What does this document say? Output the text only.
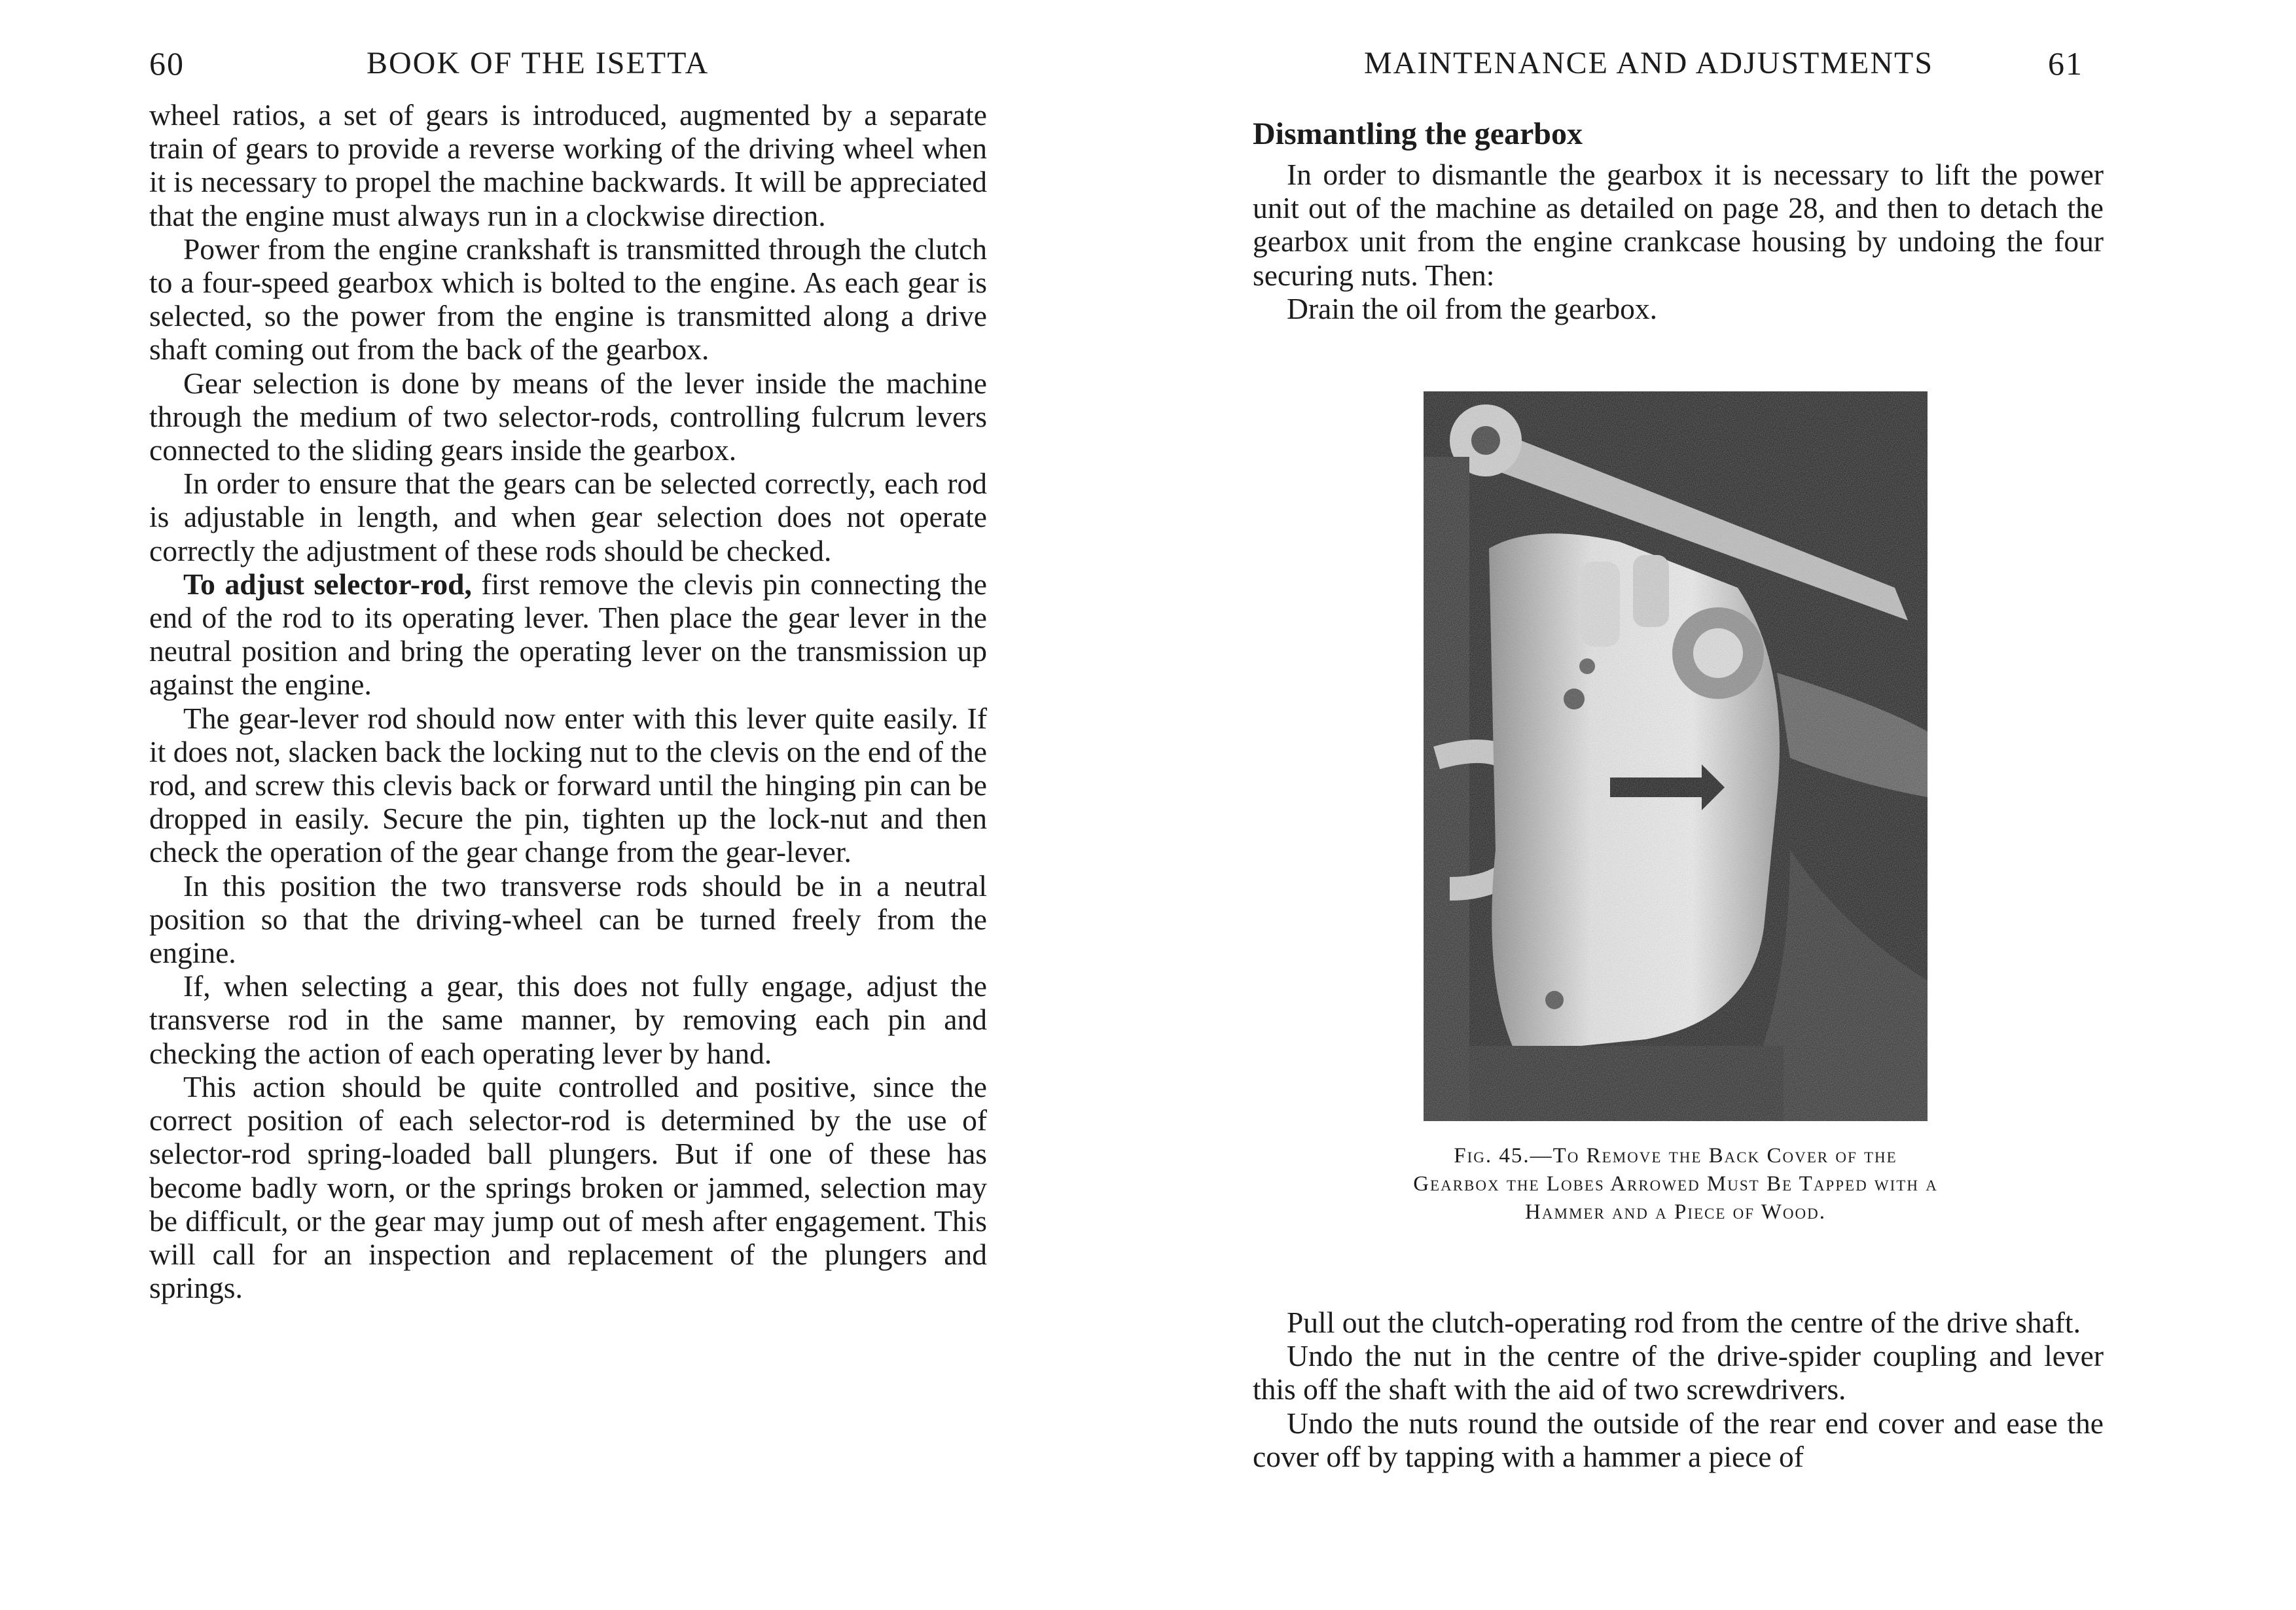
60	BOOK OF THE ISETTA

wheel ratios, a set of gears is introduced, augmented by a separate train of gears to provide a reverse working of the driving wheel when it is necessary to propel the machine backwards. It will be appreciated that the engine must always run in a clockwise direction.

Power from the engine crankshaft is transmitted through the clutch to a four-speed gearbox which is bolted to the engine. As each gear is selected, so the power from the engine is transmitted along a drive shaft coming out from the back of the gearbox.

Gear selection is done by means of the lever inside the machine through the medium of two selector-rods, controlling fulcrum levers connected to the sliding gears inside the gearbox.

In order to ensure that the gears can be selected correctly, each rod is adjustable in length, and when gear selection does not operate correctly the adjustment of these rods should be checked.

To adjust selector-rod, first remove the clevis pin connecting the end of the rod to its operating lever. Then place the gear lever in the neutral position and bring the operating lever on the transmission up against the engine.

The gear-lever rod should now enter with this lever quite easily. If it does not, slacken back the locking nut to the clevis on the end of the rod, and screw this clevis back or forward until the hinging pin can be dropped in easily. Secure the pin, tighten up the lock-nut and then check the operation of the gear change from the gear-lever.

In this position the two transverse rods should be in a neutral position so that the driving-wheel can be turned freely from the engine.

If, when selecting a gear, this does not fully engage, adjust the transverse rod in the same manner, by removing each pin and checking the action of each operating lever by hand.

This action should be quite controlled and positive, since the correct position of each selector-rod is determined by the use of selector-rod spring-loaded ball plungers. But if one of these has become badly worn, or the springs broken or jammed, selection may be difficult, or the gear may jump out of mesh after engagement. This will call for an inspection and replacement of the plungers and springs.

MAINTENANCE AND ADJUSTMENTS	61
Dismantling the gearbox

In order to dismantle the gearbox it is necessary to lift the power unit out of the machine as detailed on page 28, and then to detach the gearbox unit from the engine crankcase housing by undoing the four securing nuts. Then:

Drain the oil from the gearbox.

Pull out the clutch-operating rod from the centre of the drive shaft.

Undo the nut in the centre of the drive-spider coupling and lever this off the shaft with the aid of two screwdrivers.

Undo the nuts round the outside of the rear end cover and ease the cover off by tapping with a hammer a piece of

Fig. 45.—To Remove the Back Cover of the Gearbox the Lobes Arrowed Must Be Tapped with a Hammer and a Piece of Wood.
